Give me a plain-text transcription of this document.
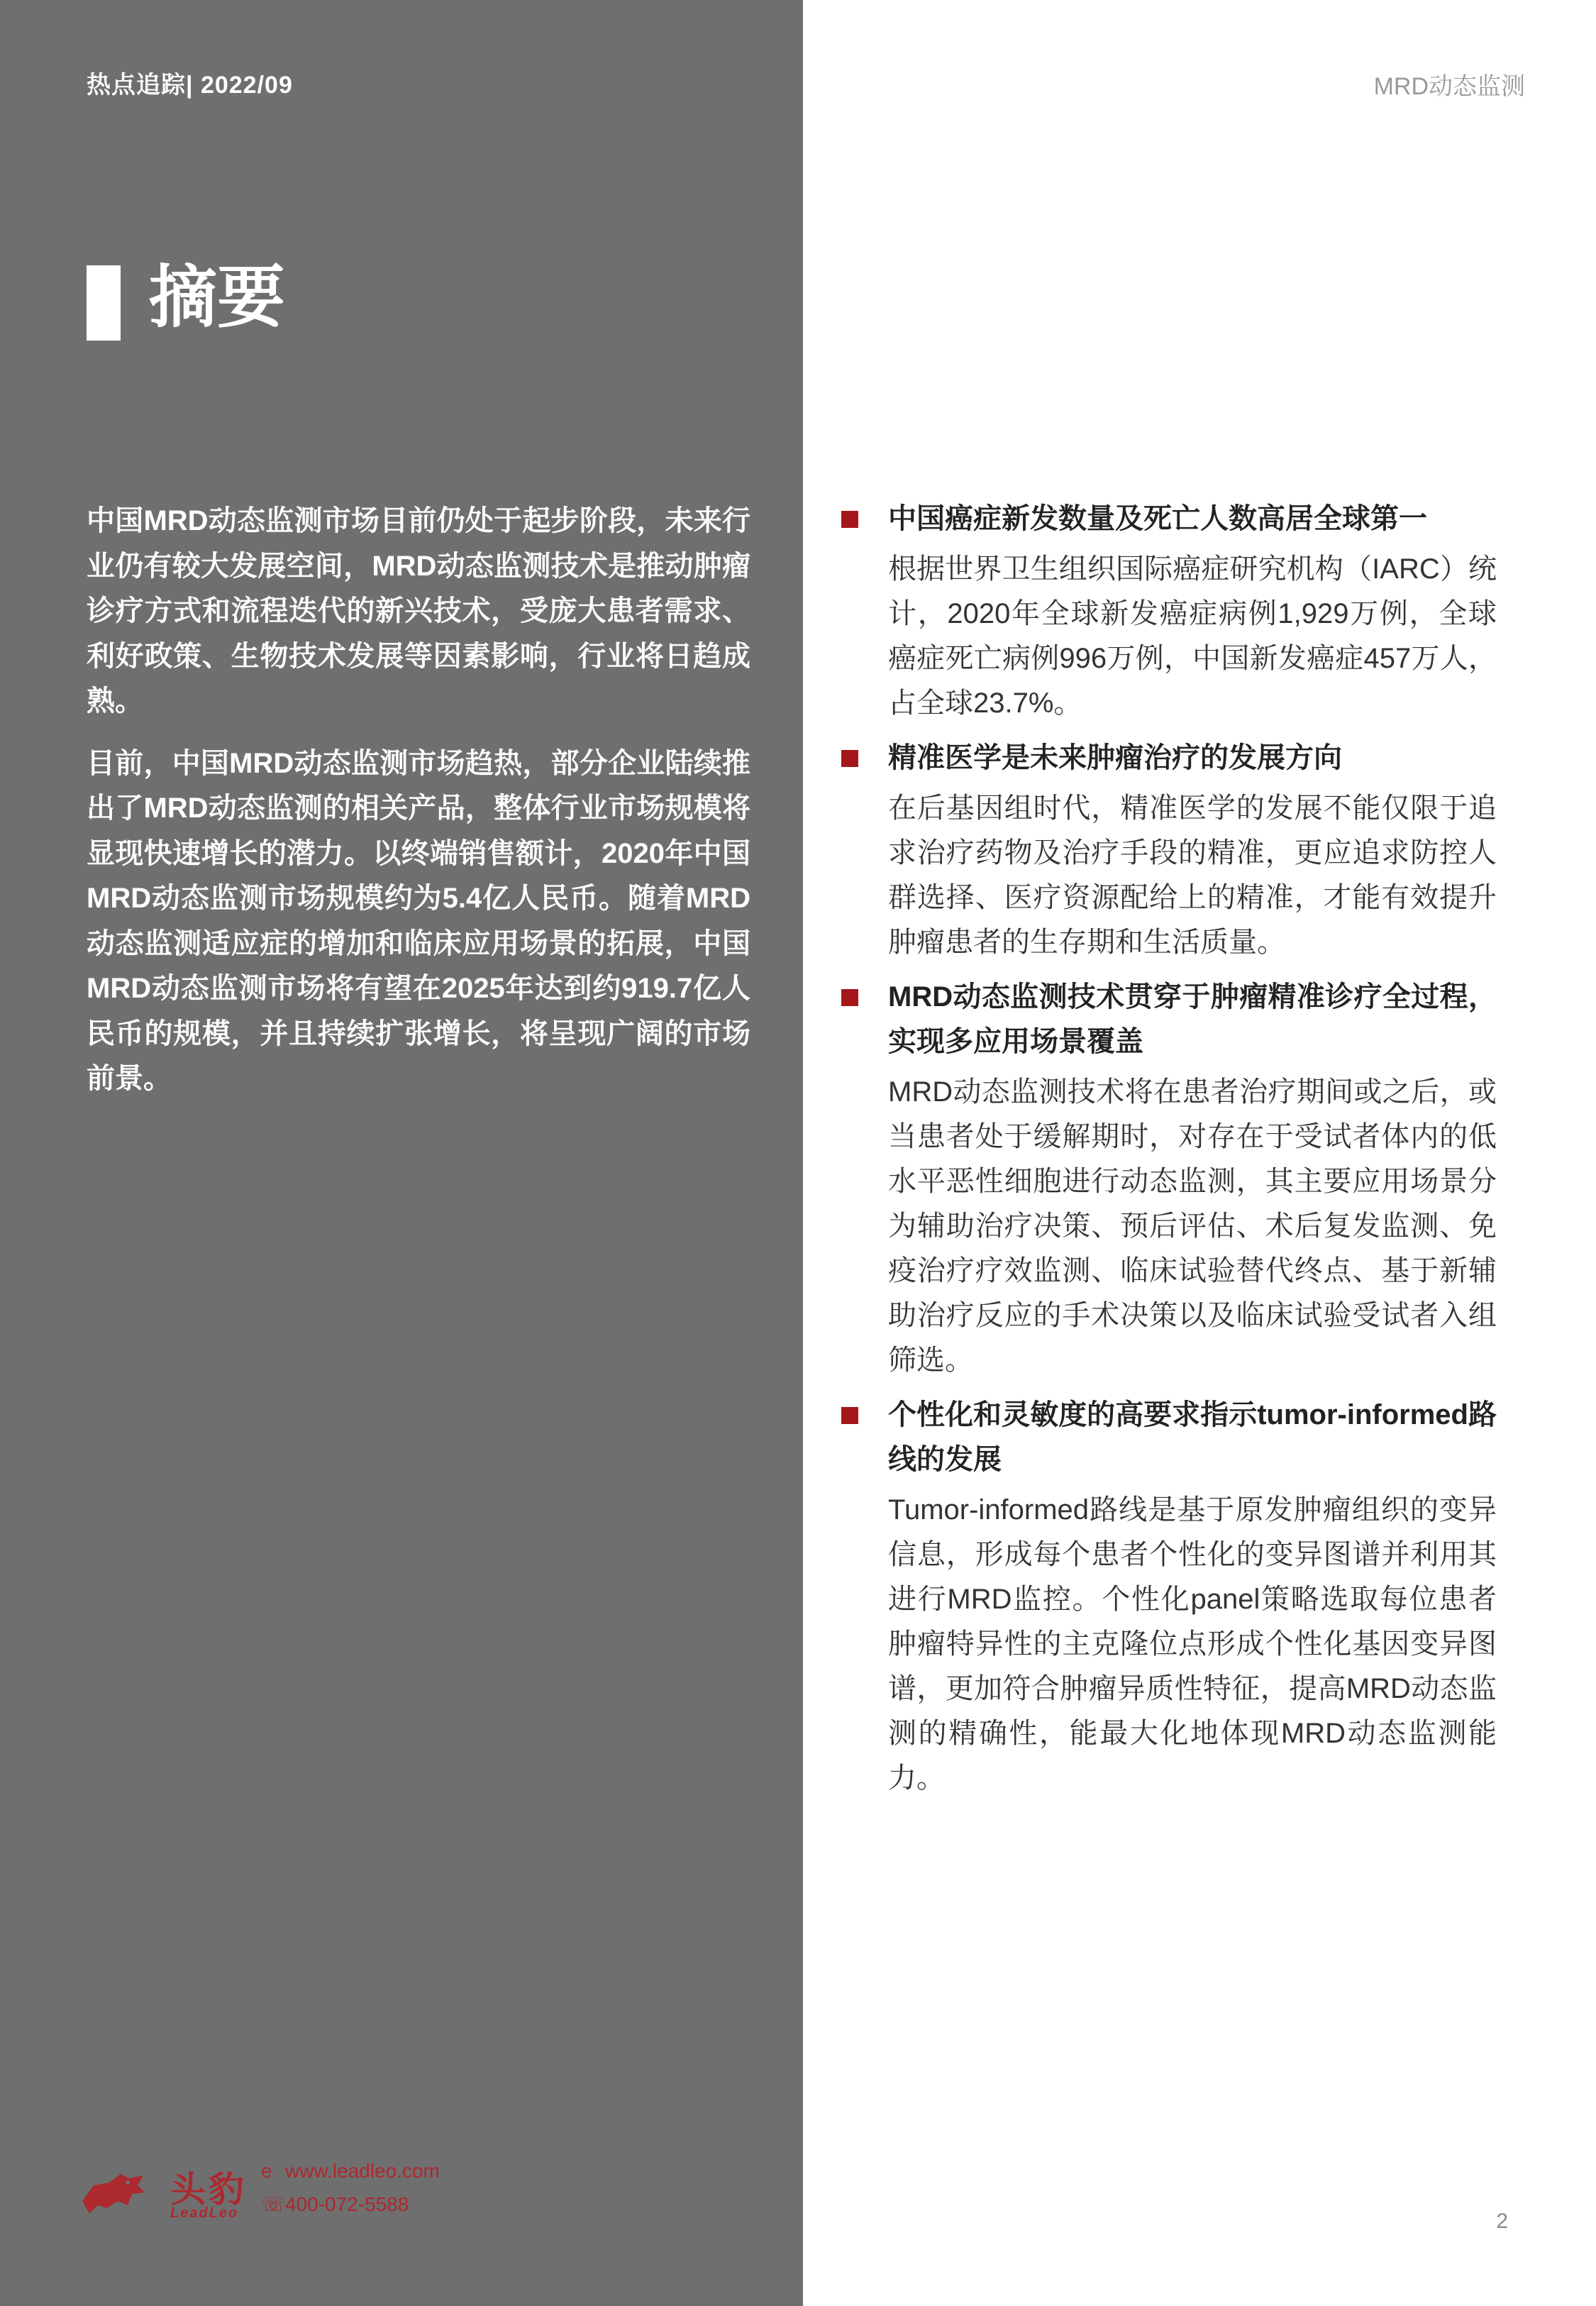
热点追踪| 2022/09	MRD动态监测
摘要

中国MRD动态监测市场目前仍处于起步阶段，未来行业仍有较大发展空间，MRD动态监测技术是推动肿瘤诊疗方式和流程迭代的新兴技术，受庞大患者需求、利好政策、生物技术发展等因素影响，行业将日趋成熟。

目前，中国MRD动态监测市场趋热，部分企业陆续推出了MRD动态监测的相关产品，整体行业市场规模将显现快速增长的潜力。以终端销售额计，2020年中国MRD动态监测市场规模约为5.4亿人民币。随着MRD动态监测适应症的增加和临床应用场景的拓展，中国MRD动态监测市场将有望在2025年达到约919.7亿人民币的规模，并且持续扩张增长，将呈现广阔的市场前景。

中国癌症新发数量及死亡人数高居全球第一
根据世界卫生组织国际癌症研究机构（IARC）统计，2020年全球新发癌症病例1,929万例，全球癌症死亡病例996万例，中国新发癌症457万人，占全球23.7%。
精准医学是未来肿瘤治疗的发展方向
在后基因组时代，精准医学的发展不能仅限于追求治疗药物及治疗手段的精准，更应追求防控人群选择、医疗资源配给上的精准，才能有效提升肿瘤患者的生存期和生活质量。
MRD动态监测技术贯穿于肿瘤精准诊疗全过程，实现多应用场景覆盖
MRD动态监测技术将在患者治疗期间或之后，或当患者处于缓解期时，对存在于受试者体内的低水平恶性细胞进行动态监测，其主要应用场景分为辅助治疗决策、预后评估、术后复发监测、免疫治疗疗效监测、临床试验替代终点、基于新辅助治疗反应的手术决策以及临床试验受试者入组筛选。
个性化和灵敏度的高要求指示tumor-informed路线的发展
Tumor-informed路线是基于原发肿瘤组织的变异信息，形成每个患者个性化的变异图谱并利用其进行MRD监控。个性化panel策略选取每位患者肿瘤特异性的主克隆位点形成个性化基因变异图谱，更加符合肿瘤异质性特征，提高MRD动态监测的精确性，能最大化地体现MRD动态监测能力。
头豹
LeadLeo
e www.leadleo.com
☏400-072-5588
2
